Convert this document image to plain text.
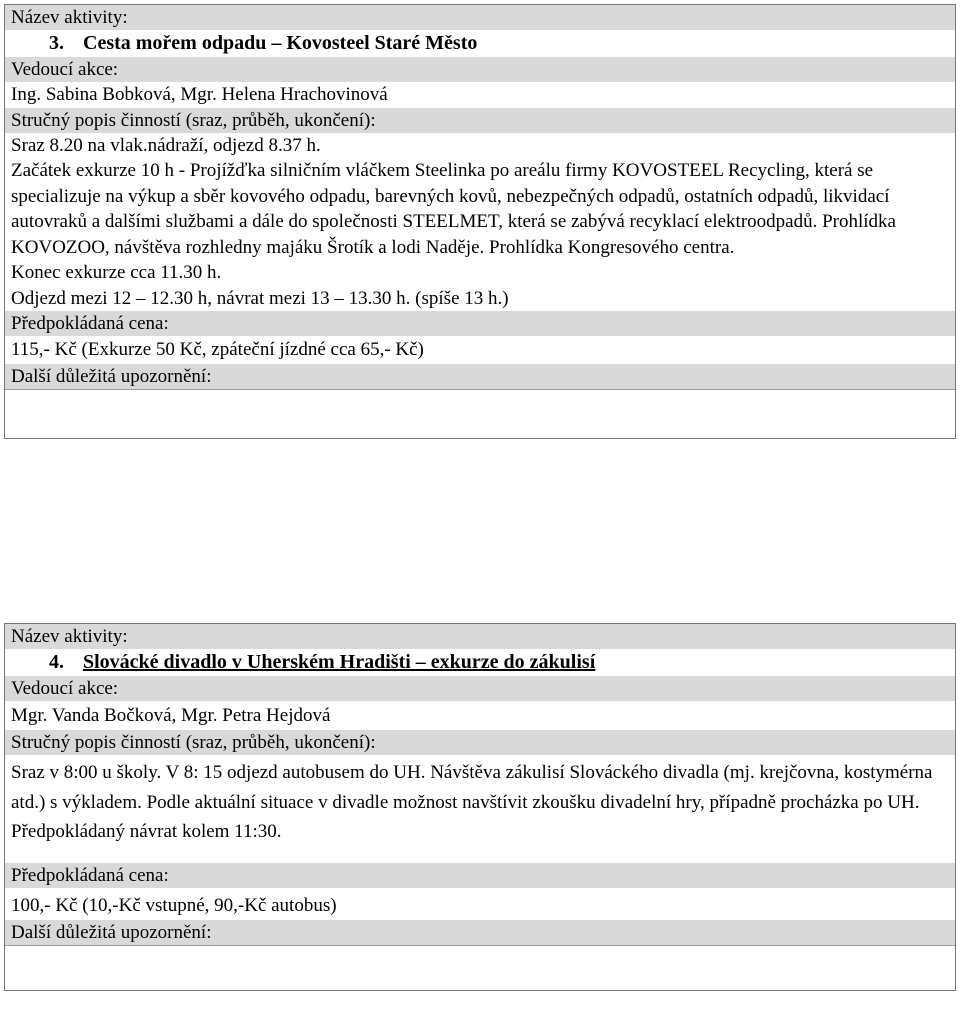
Název aktivity:
3. Cesta mořem odpadu – Kovosteel Staré Město
Vedoucí akce:
Ing. Sabina Bobková, Mgr. Helena Hrachovinová
Stručný popis činností (sraz, průběh, ukončení):

Sraz 8.20 na vlak.nádraží, odjezd 8.37 h.

Začátek exkurze 10 h - Projížďka silničním vláčkem Steelinka po areálu firmy KOVOSTEEL Recycling, která se specializuje na výkup a sběr kovového odpadu, barevných kovů, nebezpečných odpadů, ostatních odpadů, likvidací autovraků a dalšími službami a dále do společnosti STEELMET, která se zabývá recyklací elektroodpadů. Prohlídka KOVOZOO, návštěva rozhledny majáku Šrotík a lodi Naděje. Prohlídka Kongresového centra.

Konec exkurze cca 11.30 h.

Odjezd mezi 12 – 12.30 h, návrat mezi 13 – 13.30 h. (spíše 13 h.)

Předpokládaná cena:
115,- Kč (Exkurze 50 Kč, zpáteční jízdné cca 65,- Kč)
Další důležitá upozornění:
Název aktivity:
4. Slovácké divadlo v Uherském Hradišti – exkurze do zákulisí
Vedoucí akce:
Mgr. Vanda Bočková, Mgr. Petra Hejdová
Stručný popis činností (sraz, průběh, ukončení):

Sraz v 8:00 u školy. V 8: 15 odjezd autobusem do UH. Návštěva zákulisí Slováckého divadla (mj. krejčovna, kostymérna atd.) s výkladem. Podle aktuální situace v divadle možnost navštívit zkoušku divadelní hry, případně procházka po UH. Předpokládaný návrat kolem 11:30.

Předpokládaná cena:
100,- Kč (10,-Kč vstupné, 90,-Kč autobus)
Další důležitá upozornění:
